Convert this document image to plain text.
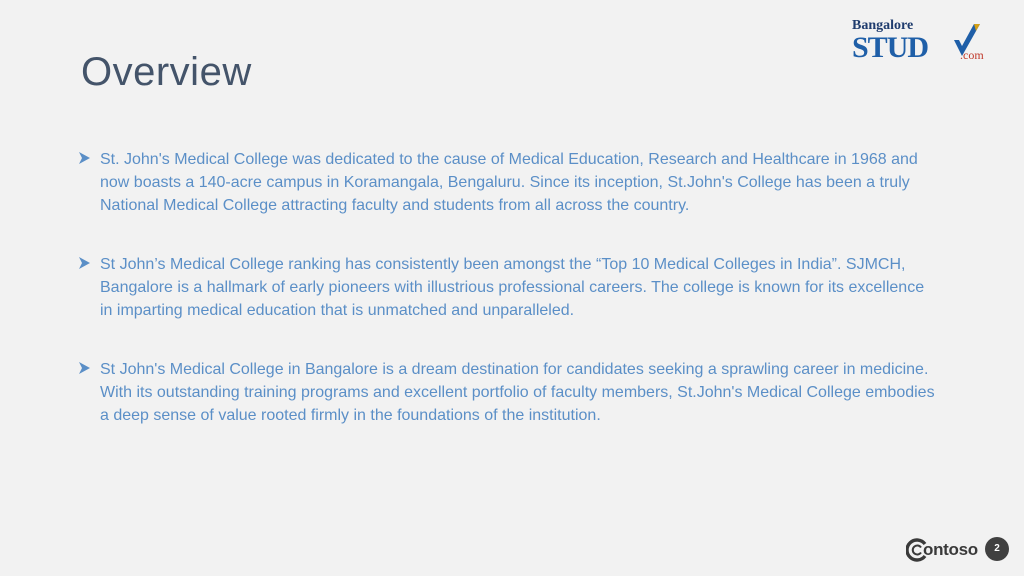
Overview
Bangalore
STUD	.com
St. John's Medical College was dedicated to the cause of Medical Education, Research and Healthcare in 1968 and now boasts a 140-acre campus in Koramangala, Bengaluru. Since its inception, St.John's College has been a truly National Medical College attracting faculty and students from all across the country.
St John’s Medical College ranking has consistently been amongst the “Top 10 Medical Colleges in India”. SJMCH, Bangalore is a hallmark of early pioneers with illustrious professional careers. The college is known for its excellence in imparting medical education that is unmatched and unparalleled.
St John's Medical College in Bangalore is a dream destination for candidates seeking a sprawling career in medicine. With its outstanding training programs and excellent portfolio of faculty members, St.John's Medical College embodies a deep sense of value rooted firmly in the foundations of the institution.
ontoso	2
